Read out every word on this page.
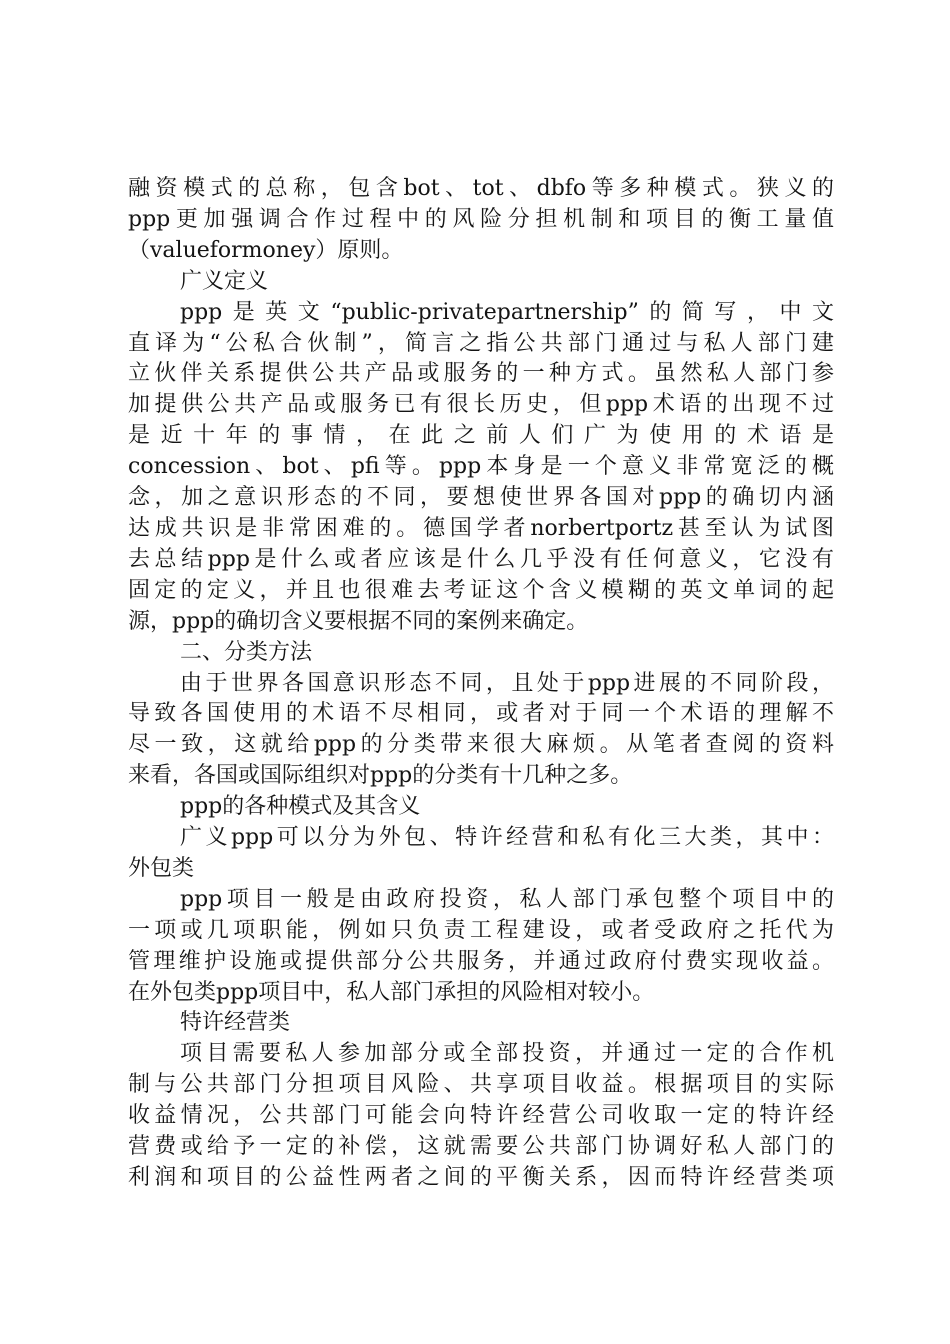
融资模式的总称，包含bot、tot、dbfo等多种模式。狭义的
ppp更加强调合作过程中的风险分担机制和项目的衡工量值
（valueformoney）原则。
广义定义
ppp是英文“public-privatepartnership”的简写，中文
直译为“公私合伙制”，简言之指公共部门通过与私人部门建
立伙伴关系提供公共产品或服务的一种方式。虽然私人部门参
加提供公共产品或服务已有很长历史，但ppp术语的出现不过
是近十年的事情，在此之前人们广为使用的术语是
concession、bot、pfi等。ppp本身是一个意义非常宽泛的概
念，加之意识形态的不同，要想使世界各国对ppp的确切内涵
达成共识是非常困难的。德国学者norbertportz甚至认为试图
去总结ppp是什么或者应该是什么几乎没有任何意义，它没有
固定的定义，并且也很难去考证这个含义模糊的英文单词的起
源，ppp的确切含义要根据不同的案例来确定。
二、分类方法
由于世界各国意识形态不同，且处于ppp进展的不同阶段，
导致各国使用的术语不尽相同，或者对于同一个术语的理解不
尽一致，这就给ppp的分类带来很大麻烦。从笔者查阅的资料
来看，各国或国际组织对ppp的分类有十几种之多。
ppp的各种模式及其含义
广义ppp可以分为外包、特许经营和私有化三大类，其中：
外包类
ppp项目一般是由政府投资，私人部门承包整个项目中的
一项或几项职能，例如只负责工程建设，或者受政府之托代为
管理维护设施或提供部分公共服务，并通过政府付费实现收益。
在外包类ppp项目中，私人部门承担的风险相对较小。
特许经营类
项目需要私人参加部分或全部投资，并通过一定的合作机
制与公共部门分担项目风险、共享项目收益。根据项目的实际
收益情况，公共部门可能会向特许经营公司收取一定的特许经
营费或给予一定的补偿，这就需要公共部门协调好私人部门的
利润和项目的公益性两者之间的平衡关系，因而特许经营类项
